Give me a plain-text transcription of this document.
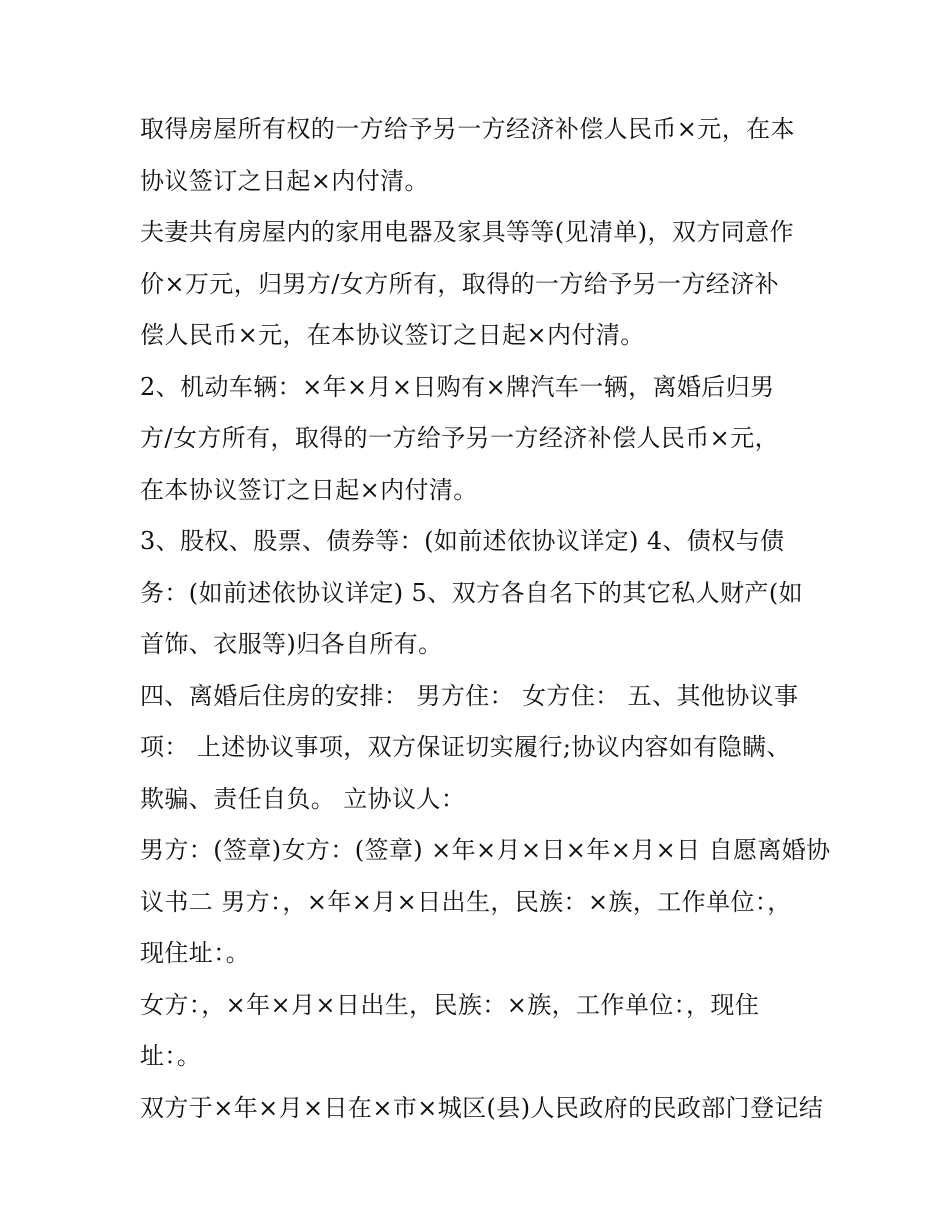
取得房屋所有权的一方给予另一方经济补偿人民币×元，在本
协议签订之日起×内付清。
夫妻共有房屋内的家用电器及家具等等(见清单)，双方同意作
价×万元，归男方/女方所有，取得的一方给予另一方经济补
偿人民币×元，在本协议签订之日起×内付清。
2、机动车辆：×年×月×日购有×牌汽车一辆，离婚后归男
方/女方所有，取得的一方给予另一方经济补偿人民币×元，
在本协议签订之日起×内付清。
3、股权、股票、债券等：(如前述依协议详定) 4、债权与债
务：(如前述依协议详定) 5、双方各自名下的其它私人财产(如
首饰、衣服等)归各自所有。
四、离婚后住房的安排： 男方住： 女方住： 五、其他协议事
项： 上述协议事项，双方保证切实履行;协议内容如有隐瞒、
欺骗、责任自负。 立协议人：
男方：(签章)女方：(签章) ×年×月×日×年×月×日 自愿离婚协
议书二 男方：，×年×月×日出生，民族：×族，工作单位：，
现住址：。
女方：，×年×月×日出生，民族：×族，工作单位：，现住
址：。
双方于×年×月×日在×市×城区(县)人民政府的民政部门登记结
